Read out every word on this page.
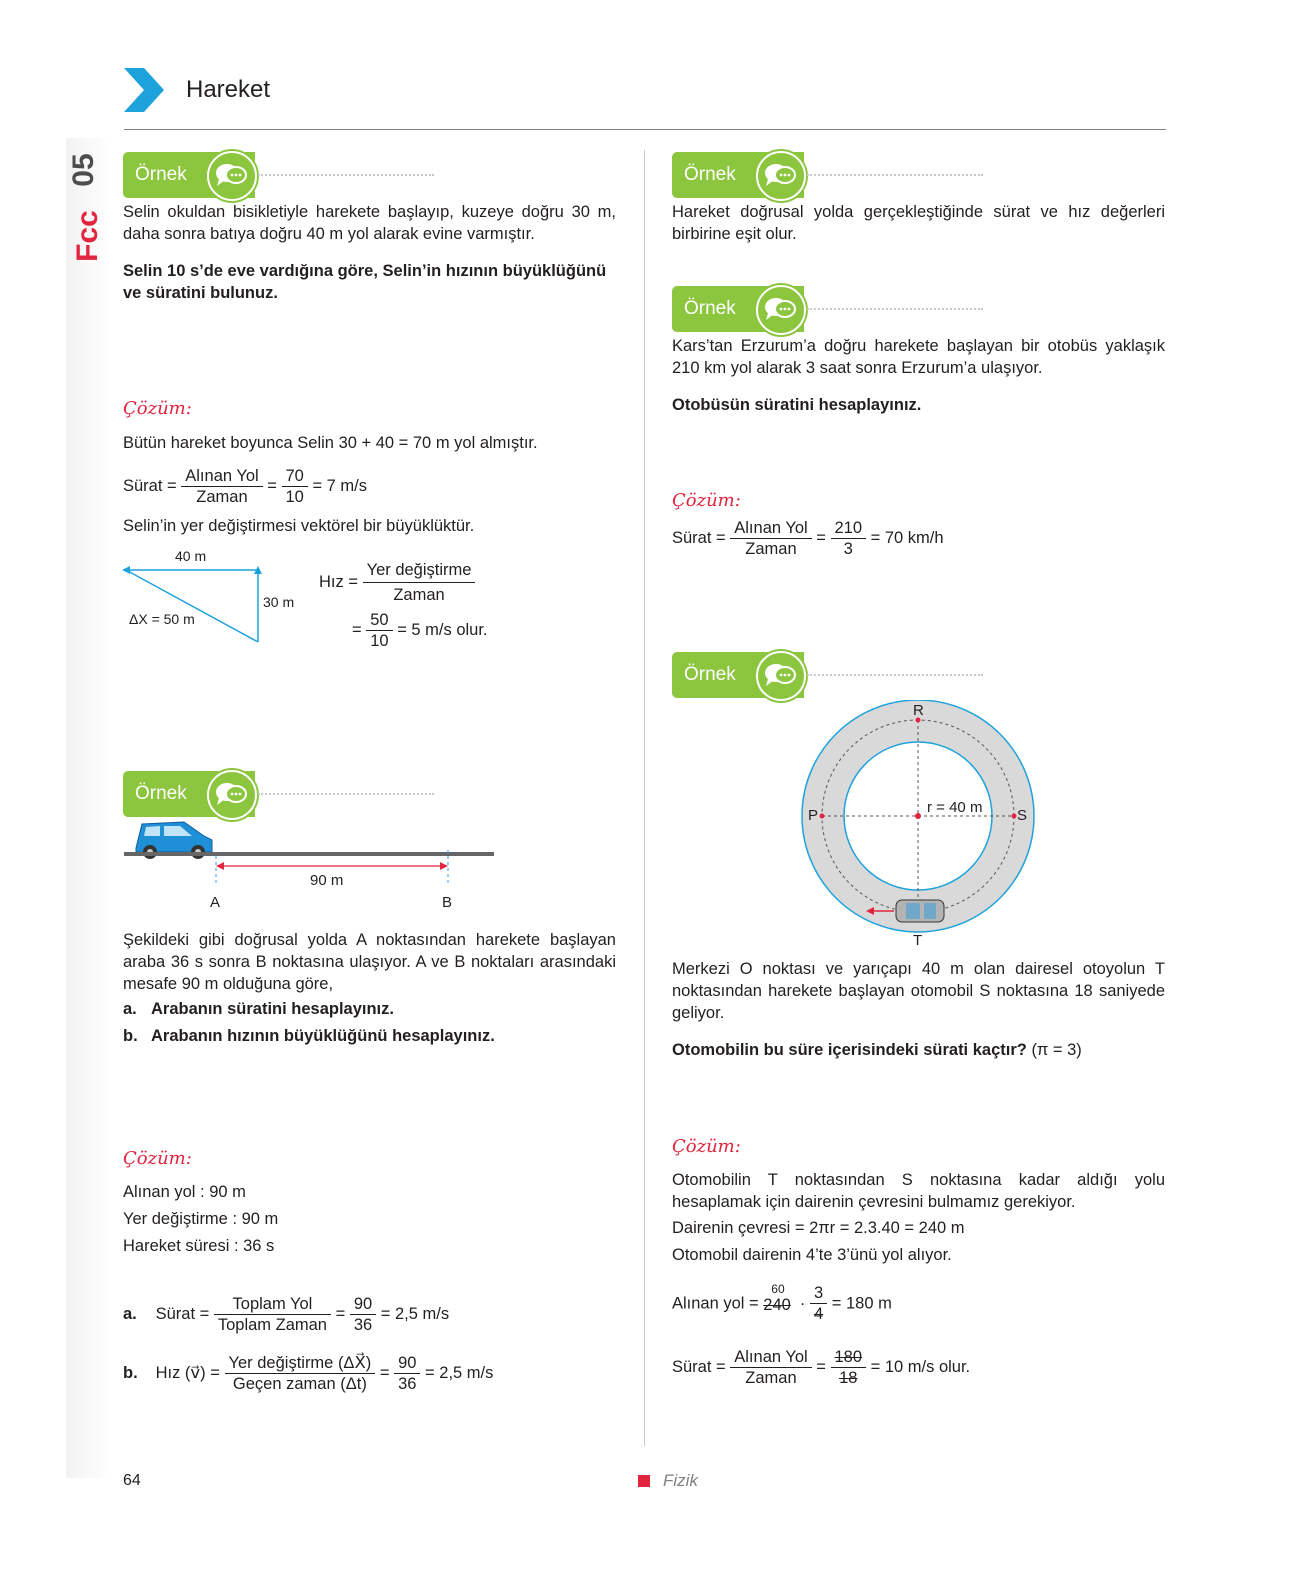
05
Fcc
Hareket
Örnek

Selin okuldan bisikletiyle harekete başlayıp, kuzeye doğru 30 m, daha sonra batıya doğru 40 m yol alarak evine varmıştır.

Selin 10 s’de eve vardığına göre, Selin’in hızının büyüklüğünü ve süratini bulunuz.

Çözüm:

Bütün hareket boyunca Selin 30 + 40 = 70 m yol almıştır.

Sürat = $\frac{\text{Alınan Yol}}{\text{Zaman}} = \frac{70}{10} = 7$ m/s

Selin’in yer değiştirmesi vektörel bir büyüklüktür.

40 m
30 m
ΔX = 50 m
Hız = $\frac{\text{Yer değiştirme}}{\text{Zaman}}$
= $\frac{50}{10} = 5$ m/s olur.
Örnek
90 m
A	B

Şekildeki gibi doğrusal yolda A noktasından harekete başlayan araba 36 s sonra B noktasına ulaşıyor. A ve B noktaları arasındaki mesafe 90 m olduğuna göre,

a. Arabanın süratini hesaplayınız.
b. Arabanın hızının büyüklüğünü hesaplayınız.
Çözüm:

Alınan yol : 90 m

Yer değiştirme : 90 m

Hareket süresi : 36 s

a. Sürat = $\frac{\text{Toplam Yol}}{\text{Toplam Zaman}} = \frac{90}{36} = 2,5$ m/s
b. Hız (v⃗) = $\frac{\text{Yer değiştirme (ΔX⃗)}}{\text{Geçen zaman (Δt)}} = \frac{90}{36} = 2,5$ m/s
Örnek

Hareket doğrusal yolda gerçekleştiğinde sürat ve hız değerleri birbirine eşit olur.

Örnek

Kars’tan Erzurum’a doğru harekete başlayan bir otobüs yaklaşık 210 km yol alarak 3 saat sonra Erzurum’a ulaşıyor.

Otobüsün süratini hesaplayınız.

Çözüm:
Sürat = $\frac{\text{Alınan Yol}}{\text{Zaman}} = \frac{210}{3} = 70$ km/h
Örnek
R
P	S
T
r = 40 m

Merkezi O noktası ve yarıçapı 40 m olan dairesel otoyolun T noktasından harekete başlayan otomobil S noktasına 18 saniyede geliyor.

Otomobilin bu süre içerisindeki sürati kaçtır? (π = 3)

Çözüm:

Otomobilin T noktasından S noktasına kadar aldığı yolu hesaplamak için dairenin çevresini bulmamız gerekiyor.

Dairenin çevresi = 2πr = 2.3.40 = 240 m

Otomobil dairenin 4’te 3’ünü yol alıyor.

Alınan yol =
60
$240 \cdot \frac{3}{4} = 180$ m
Sürat = $\frac{\text{Alınan Yol}}{\text{Zaman}} = \frac{180}{18} = 10$ m/s olur.
64	Fizik
